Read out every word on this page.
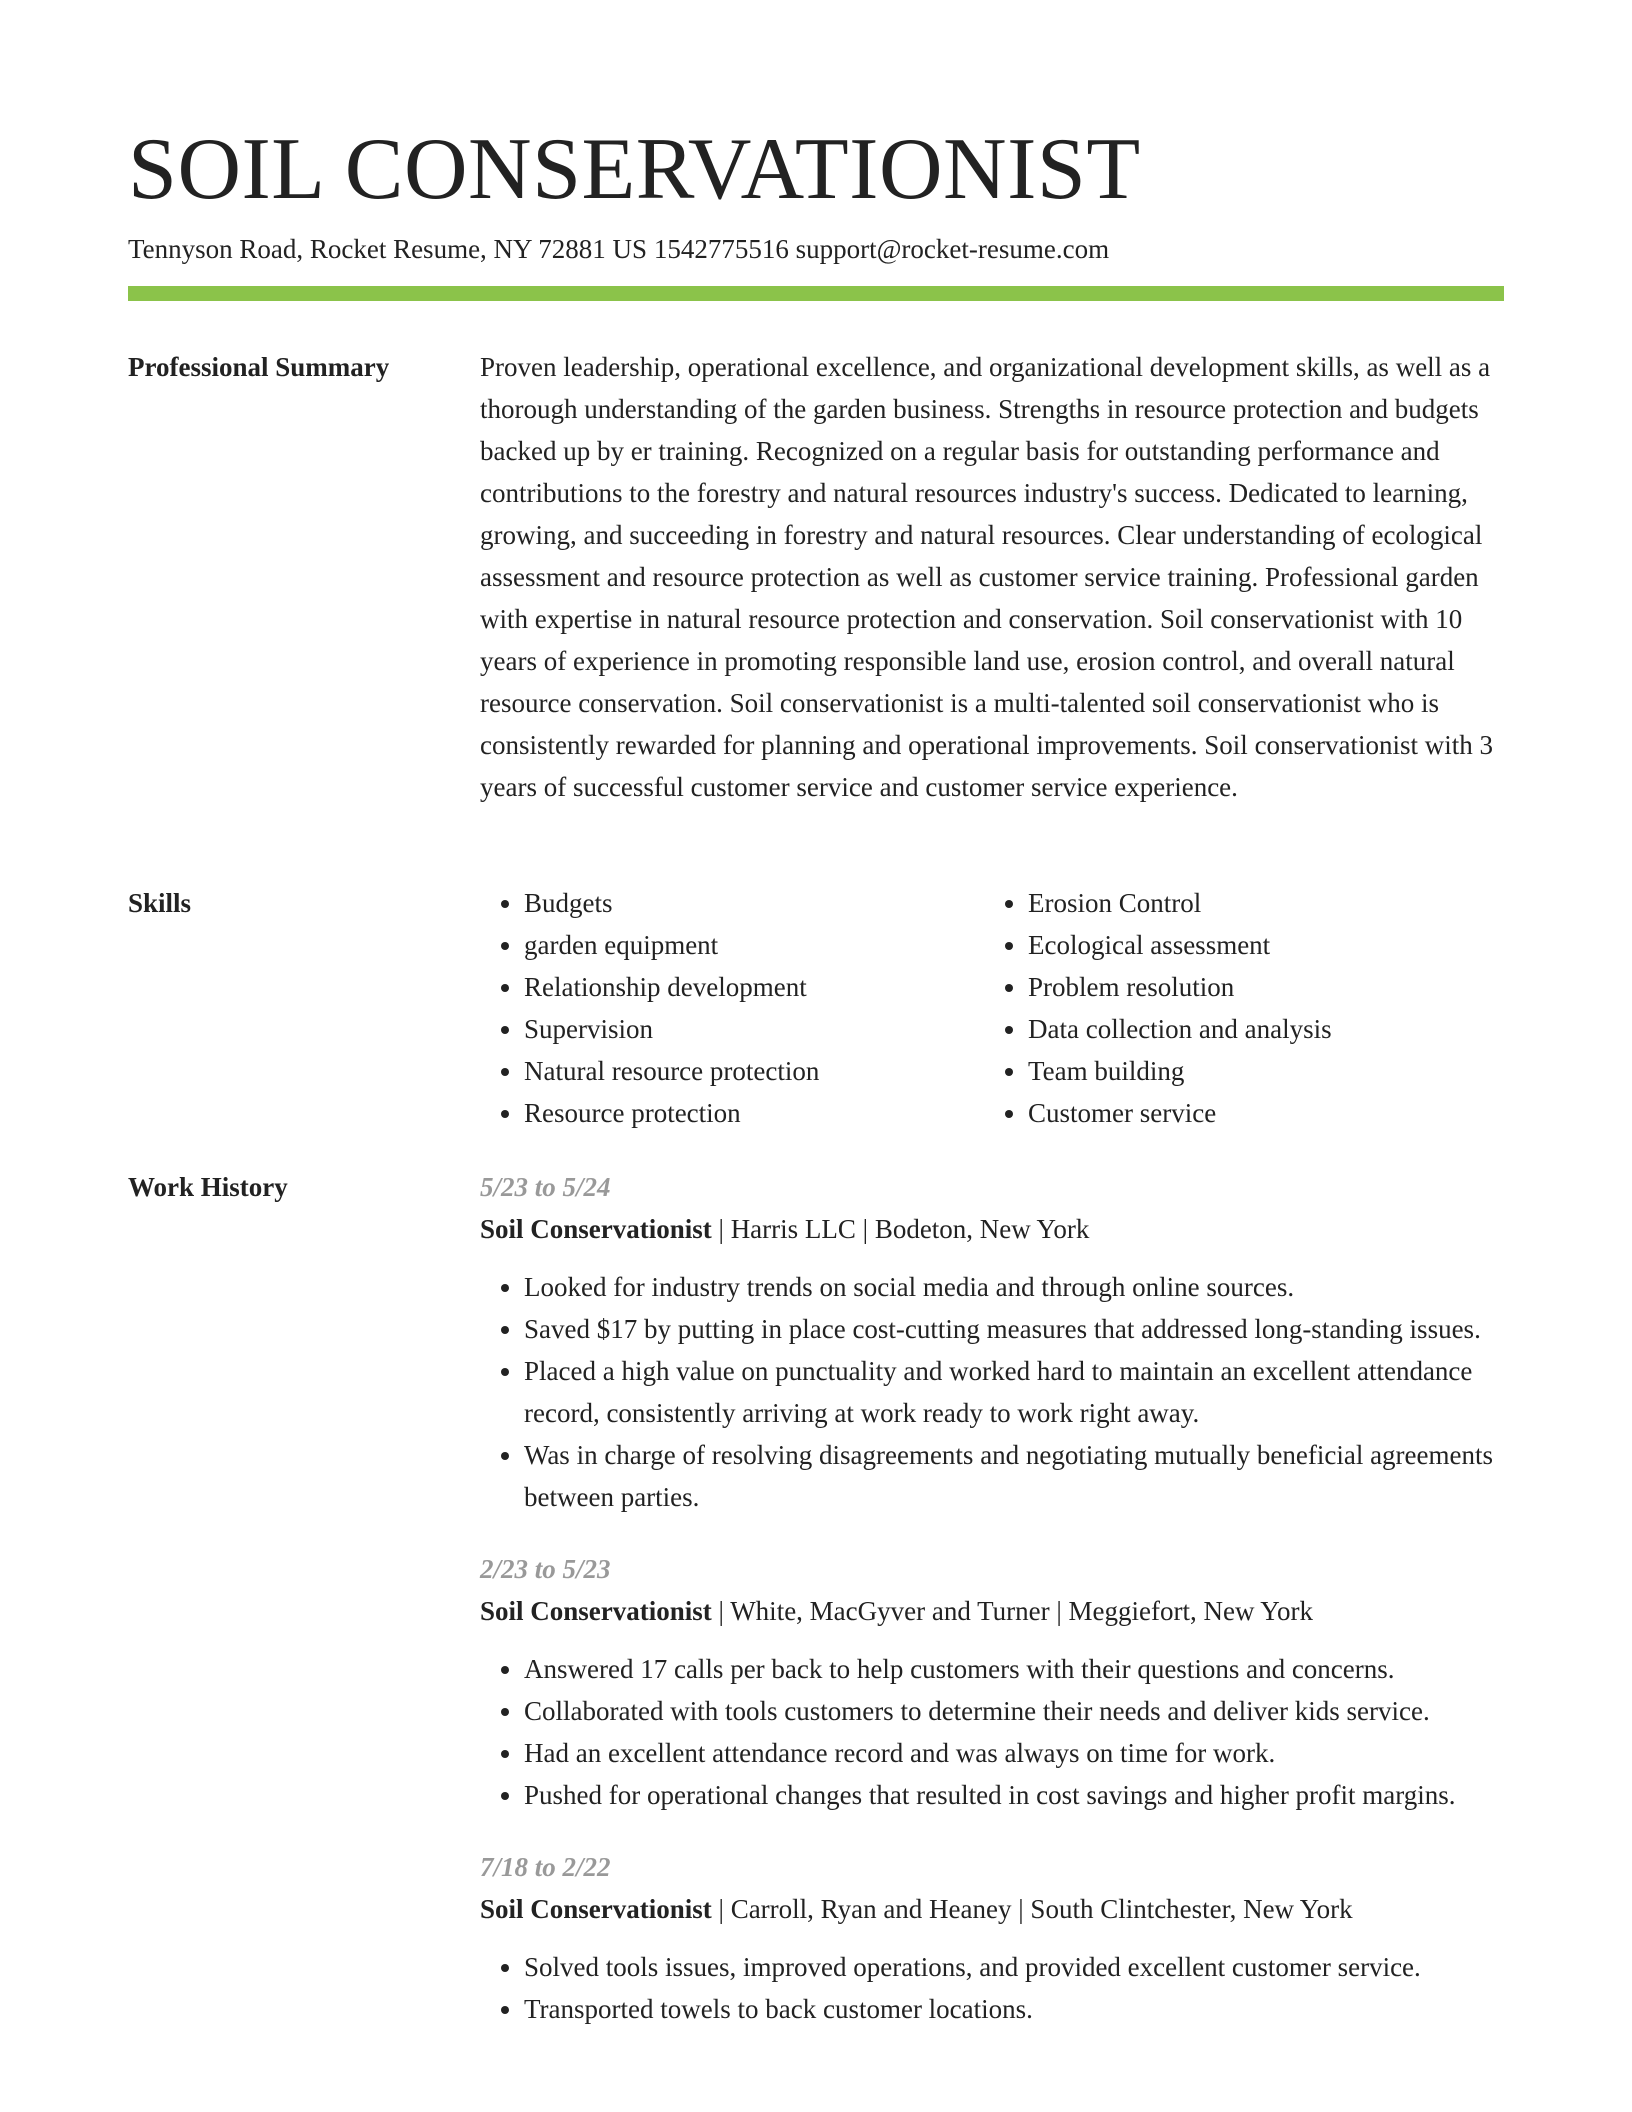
SOIL CONSERVATIONIST
Tennyson Road, Rocket Resume, NY 72881 US 1542775516 support@rocket-resume.com
Professional Summary	Proven leadership, operational excellence, and organizational development skills, as well as a thorough understanding of the garden business. Strengths in resource protection and budgets backed up by er training. Recognized on a regular basis for outstanding performance and contributions to the forestry and natural resources industry's success. Dedicated to learning, growing, and succeeding in forestry and natural resources. Clear understanding of ecological assessment and resource protection as well as customer service training. Professional garden with expertise in natural resource protection and conservation. Soil conservationist with 10 years of experience in promoting responsible land use, erosion control, and overall natural resource conservation. Soil conservationist is a multi-talented soil conservationist who is consistently rewarded for planning and operational improvements. Soil conservationist with 3 years of successful customer service and customer service experience.

Skills
•	Budgets
• garden equipment
• Relationship development
• Supervision
• Natural resource protection
• Resource protection
• Erosion Control
• Ecological assessment
• Problem resolution
• Data collection and analysis
• Team building
• Customer service
Work History	5/23 to 5/24
Soil Conservationist | Harris LLC | Bodeton, New York
• Looked for industry trends on social media and through online sources.
• Saved $17 by putting in place cost-cutting measures that addressed long-standing issues.
• Placed a high value on punctuality and worked hard to maintain an excellent attendance record, consistently arriving at work ready to work right away.
• Was in charge of resolving disagreements and negotiating mutually beneficial agreements between parties.
2/23 to 5/23
Soil Conservationist | White, MacGyver and Turner | Meggiefort, New York
• Answered 17 calls per back to help customers with their questions and concerns.
• Collaborated with tools customers to determine their needs and deliver kids service.
• Had an excellent attendance record and was always on time for work.
• Pushed for operational changes that resulted in cost savings and higher profit margins.
7/18 to 2/22
Soil Conservationist | Carroll, Ryan and Heaney | South Clintchester, New York
• Solved tools issues, improved operations, and provided excellent customer service.
• Transported towels to back customer locations.
